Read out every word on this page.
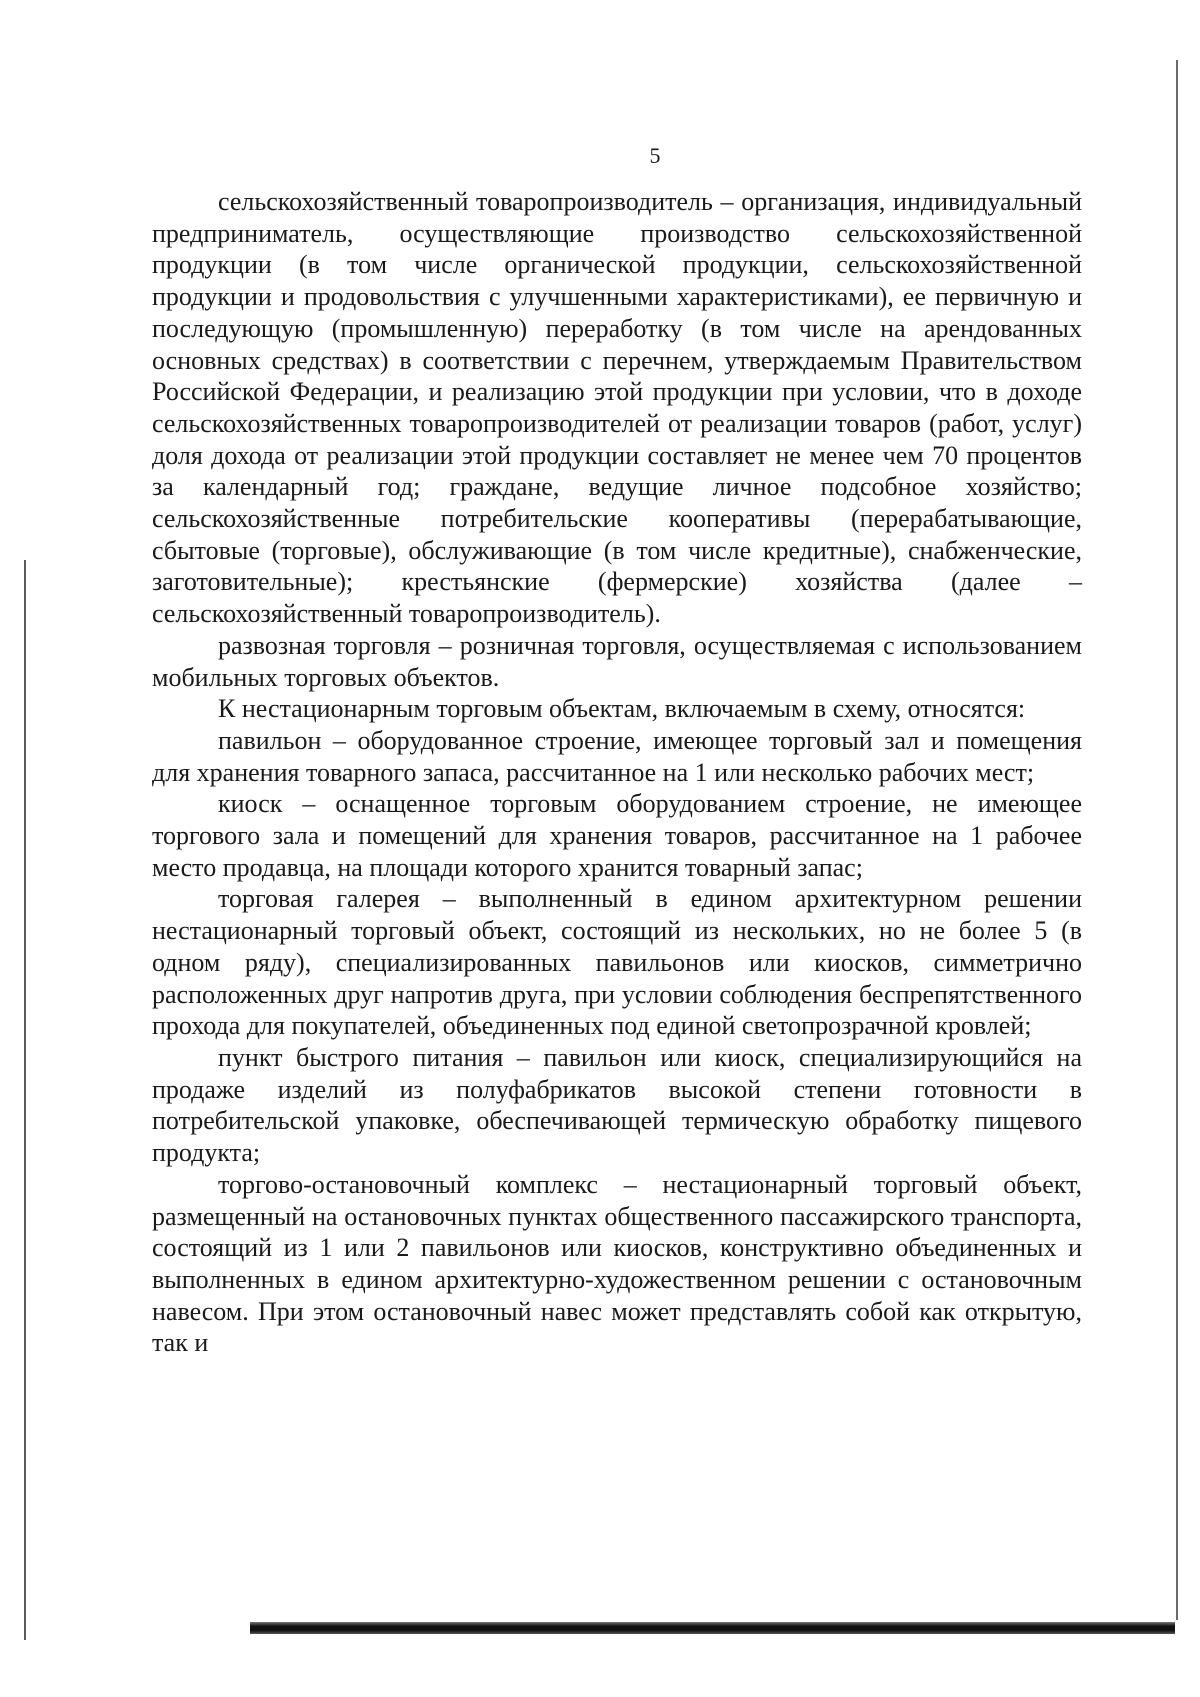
5

сельскохозяйственный товаропроизводитель – организация, индивидуальный предприниматель, осуществляющие производство сельскохозяйственной продукции (в том числе органической продукции, сельскохозяйственной продукции и продовольствия с улучшенными характеристиками), ее первичную и последующую (промышленную) переработку (в том числе на арендованных основных средствах) в соответствии с перечнем, утверждаемым Правительством Российской Федерации, и реализацию этой продукции при условии, что в доходе сельскохозяйственных товаропроизводителей от реализации товаров (работ, услуг) доля дохода от реализации этой продукции составляет не менее чем 70 процентов за календарный год; граждане, ведущие личное подсобное хозяйство; сельскохозяйственные потребительские кооперативы (перерабатывающие, сбытовые (торговые), обслуживающие (в том числе кредитные), снабженческие, заготовительные); крестьянские (фермерские) хозяйства (далее – сельскохозяйственный товаропроизводитель).

развозная торговля – розничная торговля, осуществляемая с использованием мобильных торговых объектов.

К нестационарным торговым объектам, включаемым в схему, относятся:

павильон – оборудованное строение, имеющее торговый зал и помещения для хранения товарного запаса, рассчитанное на 1 или несколько рабочих мест;

киоск – оснащенное торговым оборудованием строение, не имеющее торгового зала и помещений для хранения товаров, рассчитанное на 1 рабочее место продавца, на площади которого хранится товарный запас;

торговая галерея – выполненный в едином архитектурном решении нестационарный торговый объект, состоящий из нескольких, но не более 5 (в одном ряду), специализированных павильонов или киосков, симметрично расположенных друг напротив друга, при условии соблюдения беспрепятственного прохода для покупателей, объединенных под единой светопрозрачной кровлей;

пункт быстрого питания – павильон или киоск, специализирующийся на продаже изделий из полуфабрикатов высокой степени готовности в потребительской упаковке, обеспечивающей термическую обработку пищевого продукта;

торгово-остановочный комплекс – нестационарный торговый объект, размещенный на остановочных пунктах общественного пассажирского транспорта, состоящий из 1 или 2 павильонов или киосков, конструктивно объединенных и выполненных в едином архитектурно-художественном решении с остановочным навесом. При этом остановочный навес может представлять собой как открытую, так и
